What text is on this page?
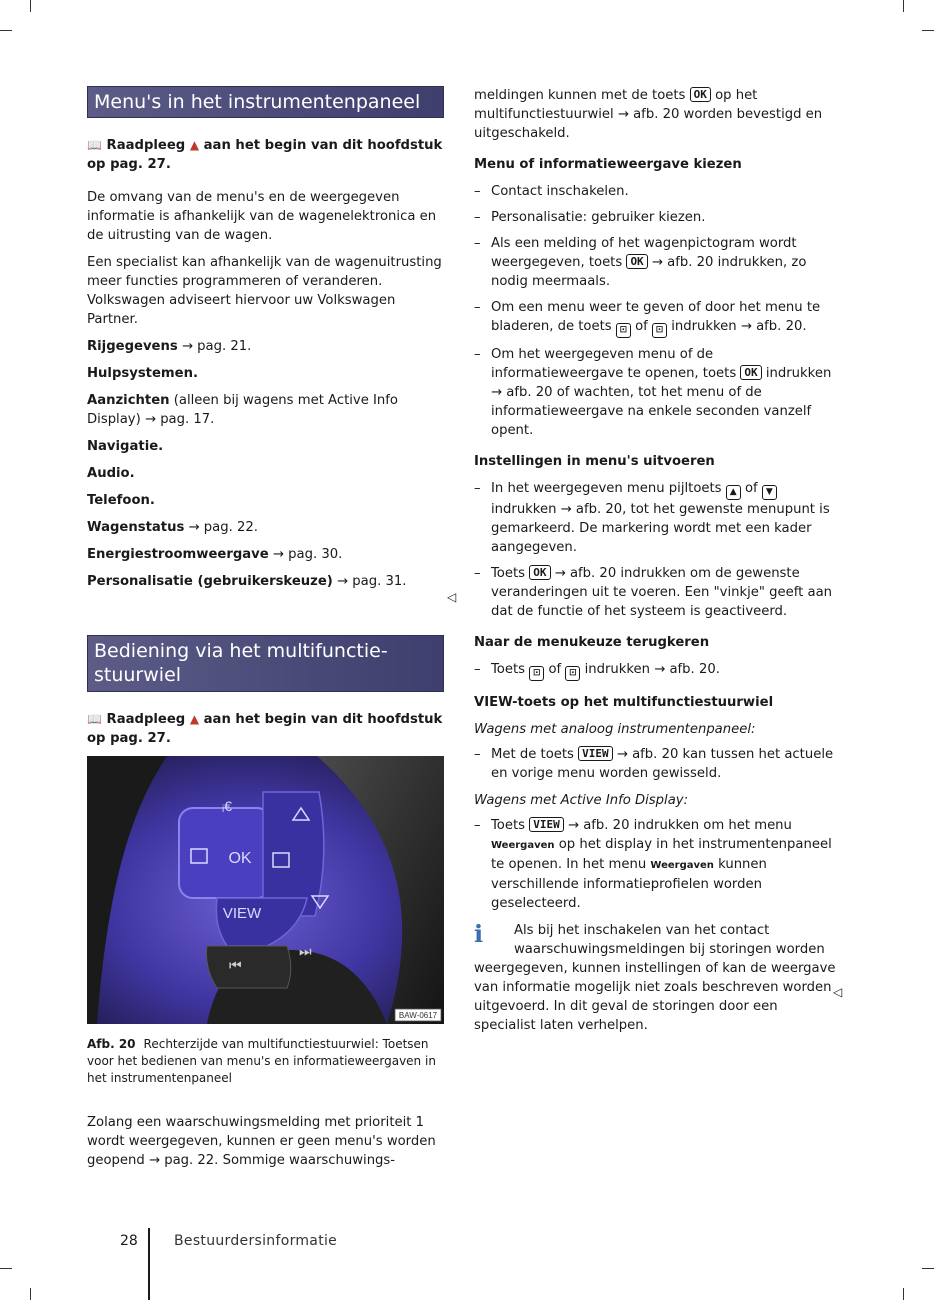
Menu's in het instrumentenpaneel

📖 Raadpleeg ▲ aan het begin van dit hoofdstuk op pag. 27.

De omvang van de menu's en de weergegeven informatie is afhankelijk van de wagenelektronica en de uitrusting van de wagen.

Een specialist kan afhankelijk van de wagenuitrusting meer functies programmeren of veranderen. Volkswagen adviseert hiervoor uw Volkswagen Partner.

Rijgegevens → pag. 21.
Hulpsystemen.
Aanzichten (alleen bij wagens met Active Info Display) → pag. 17.
Navigatie.
Audio.
Telefoon.
Wagenstatus → pag. 22.
Energiestroomweergave → pag. 30.
Personalisatie (gebruikerskeuze) → pag. 31.
Bediening via het multifunctie-stuurwiel

📖 Raadpleeg ▲ aan het begin van dit hoofdstuk op pag. 27.

OK
VIEW
ᵢ€
⏮
⏭
BAW-0617
Afb. 20 Rechterzijde van multifunctiestuurwiel: Toetsen voor het bedienen van menu's en informatieweergaven in het instrumentenpaneel

Zolang een waarschuwingsmelding met prioriteit 1 wordt weergegeven, kunnen er geen menu's worden geopend → pag. 22. Sommige waarschuwings-

◁

meldingen kunnen met de toets OK op het multifunctiestuurwiel → afb. 20 worden bevestigd en uitgeschakeld.

Menu of informatieweergave kiezen
– Contact inschakelen.
– Personalisatie: gebruiker kiezen.
– Als een melding of het wagenpictogram wordt weergegeven, toets OK → afb. 20 indrukken, zo nodig meermaals.
– Om een menu weer te geven of door het menu te bladeren, de toets ⊡ of ⊡ indrukken → afb. 20.
– Om het weergegeven menu of de informatieweergave te openen, toets OK indrukken → afb. 20 of wachten, tot het menu of de informatieweergave na enkele seconden vanzelf opent.
Instellingen in menu's uitvoeren
– In het weergegeven menu pijltoets ▲ of ▼ indrukken → afb. 20, tot het gewenste menupunt is gemarkeerd. De markering wordt met een kader aangegeven.
– Toets OK → afb. 20 indrukken om de gewenste veranderingen uit te voeren. Een "vinkje" geeft aan dat de functie of het systeem is geactiveerd.
Naar de menukeuze terugkeren
– Toets ⊡ of ⊡ indrukken → afb. 20.
VIEW-toets op het multifunctiestuurwiel
Wagens met analoog instrumentenpaneel:
– Met de toets VIEW → afb. 20 kan tussen het actuele en vorige menu worden gewisseld.
Wagens met Active Info Display:
– Toets VIEW → afb. 20 indrukken om het menu Weergaven op het display in het instrumentenpaneel te openen. In het menu Weergaven kunnen verschillende informatieprofielen worden geselecteerd.
ℹ	Als bij het inschakelen van het contact waarschuwingsmeldingen bij storingen worden
weergegeven, kunnen instellingen of kan de weergave van informatie mogelijk niet zoals beschreven worden uitgevoerd. In dit geval de storingen door een specialist laten verhelpen.
◁
28	Bestuurdersinformatie
